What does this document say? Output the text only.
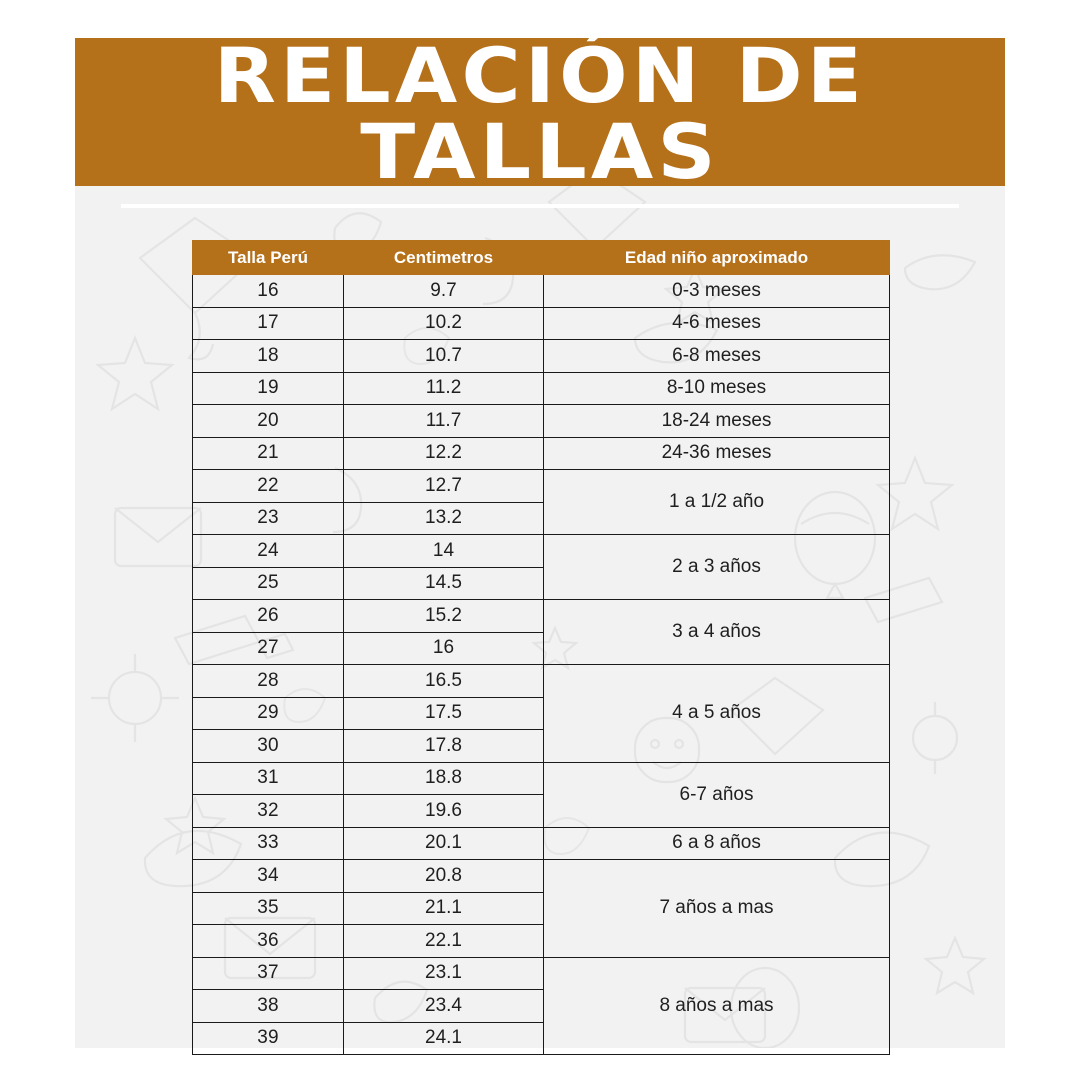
RELACIÓN DE TALLAS
Talla Perú	Centimetros	Edad niño aproximado
16	9.7	0-3 meses
17	10.2	4-6 meses
18	10.7	6-8 meses
19	11.2	8-10 meses
20	11.7	18-24 meses
21	12.2	24-36 meses
22	12.7	1 a 1/2 año
23	13.2	
24	14	2 a 3 años
25	14.5	
26	15.2	3 a 4 años
27	16	
28	16.5	4 a 5 años
29	17.5	
30	17.8	
31	18.8	6-7 años
32	19.6	
33	20.1	6 a 8 años
34	20.8	7 años a mas
35	21.1	
36	22.1	
37	23.1	8 años a mas
38	23.4	
39	24.1	
